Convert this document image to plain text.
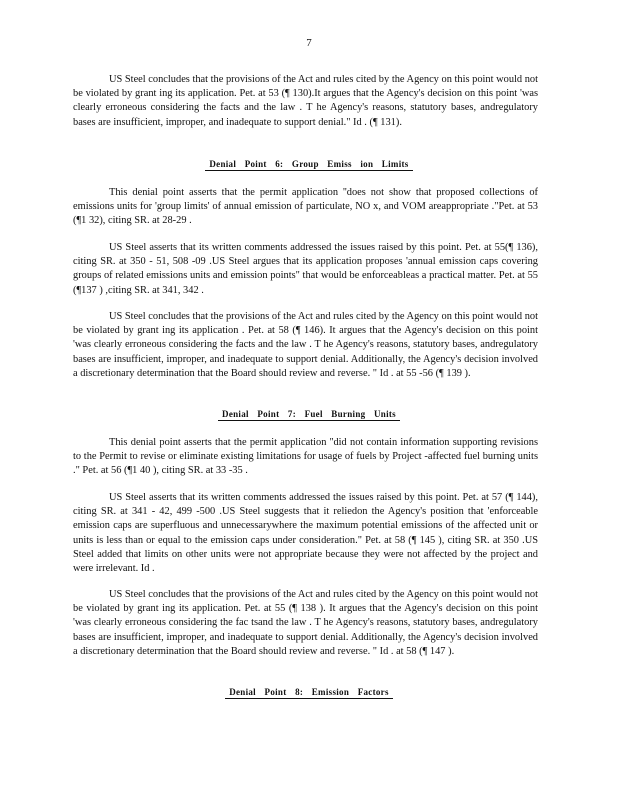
7

US Steel concludes that the provisions of the Act and rules cited by the Agency on this point would not be violated by grant ing its application. Pet. at 53 (¶ 130).It argues that the Agency's decision on this point 'was clearly erroneous considering the facts and the law . T he Agency's reasons, statutory bases, andregulatory bases are insufficient, improper, and inadequate to support denial." Id . (¶ 131).

Denial Point 6: Group Emiss ion Limits

This denial point asserts that the permit application ''does not show that proposed collections of emissions units for 'group limits' of annual emission of particulate, NO x, and VOM areappropriate ."Pet. at 53 (¶1 32), citing SR. at 28-29 .

US Steel asserts that its written comments addressed the issues raised by this point. Pet. at 55(¶ 136), citing SR. at 350 - 51, 508 -09 .US Steel argues that its application proposes 'annual emission caps covering groups of related emissions units and emission points" that would be enforceableas a practical matter. Pet. at 55 (¶137 ) ,citing SR. at 341, 342 .

US Steel concludes that the provisions of the Act and rules cited by the Agency on this point would not be violated by grant ing its application . Pet. at 58 (¶ 146). It argues that the Agency's decision on this point 'was clearly erroneous considering the facts and the law . T he Agency's reasons, statutory bases, andregulatory bases are insufficient, improper, and inadequate to support denial. Additionally, the Agency's decision involved a discretionary determination that the Board should review and reverse. " Id . at 55 -56 (¶ 139 ).

Denial Point 7: Fuel Burning Units

This denial point asserts that the permit application ''did not contain information supporting revisions to the Permit to revise or eliminate existing limitations for usage of fuels by Project -affected fuel burning units ." Pet. at 56 (¶1 40 ), citing SR. at 33 -35 .

US Steel asserts that its written comments addressed the issues raised by this point. Pet. at 57 (¶ 144), citing SR. at 341 - 42, 499 -500 .US Steel suggests that it reliedon the Agency's position that 'enforceable emission caps are superfluous and unnecessarywhere the maximum potential emissions of the affected unit or units is less than or equal to the emission caps under consideration." Pet. at 58 (¶ 145 ), citing SR. at 350 .US Steel added that limits on other units were not appropriate because they were not affected by the project and were irrelevant. Id .

US Steel concludes that the provisions of the Act and rules cited by the Agency on this point would not be violated by grant ing its application. Pet. at 55 (¶ 138 ). It argues that the Agency's decision on this point 'was clearly erroneous considering the fac tsand the law . T he Agency's reasons, statutory bases, andregulatory bases are insufficient, improper, and inadequate to support denial. Additionally, the Agency's decision involved a discretionary determination that the Board should review and reverse. " Id . at 58 (¶ 147 ).

Denial Point 8: Emission Factors
